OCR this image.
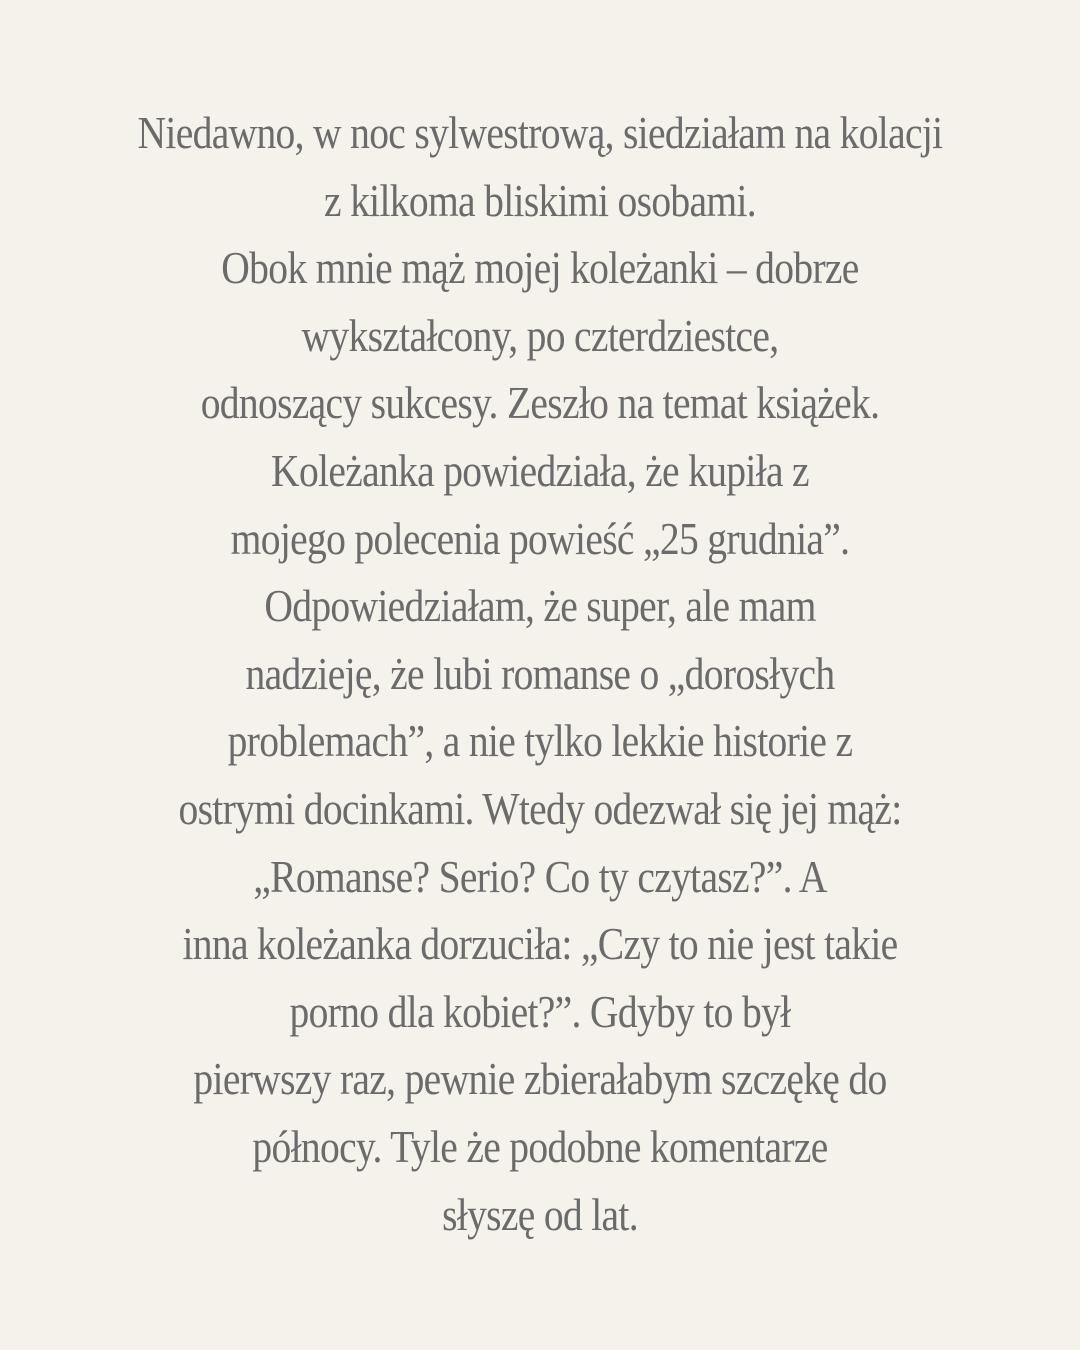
Niedawno, w noc sylwestrową, siedziałam na kolacji
z kilkoma bliskimi osobami.
Obok mnie mąż mojej koleżanki – dobrze
wykształcony, po czterdziestce,
odnoszący sukcesy. Zeszło na temat książek.
Koleżanka powiedziała, że kupiła z
mojego polecenia powieść „25 grudnia”.
Odpowiedziałam, że super, ale mam
nadzieję, że lubi romanse o „dorosłych
problemach”, a nie tylko lekkie historie z
ostrymi docinkami. Wtedy odezwał się jej mąż:
„Romanse? Serio? Co ty czytasz?”. A
inna koleżanka dorzuciła: „Czy to nie jest takie
porno dla kobiet?”. Gdyby to był
pierwszy raz, pewnie zbierałabym szczękę do
północy. Tyle że podobne komentarze
słyszę od lat.
